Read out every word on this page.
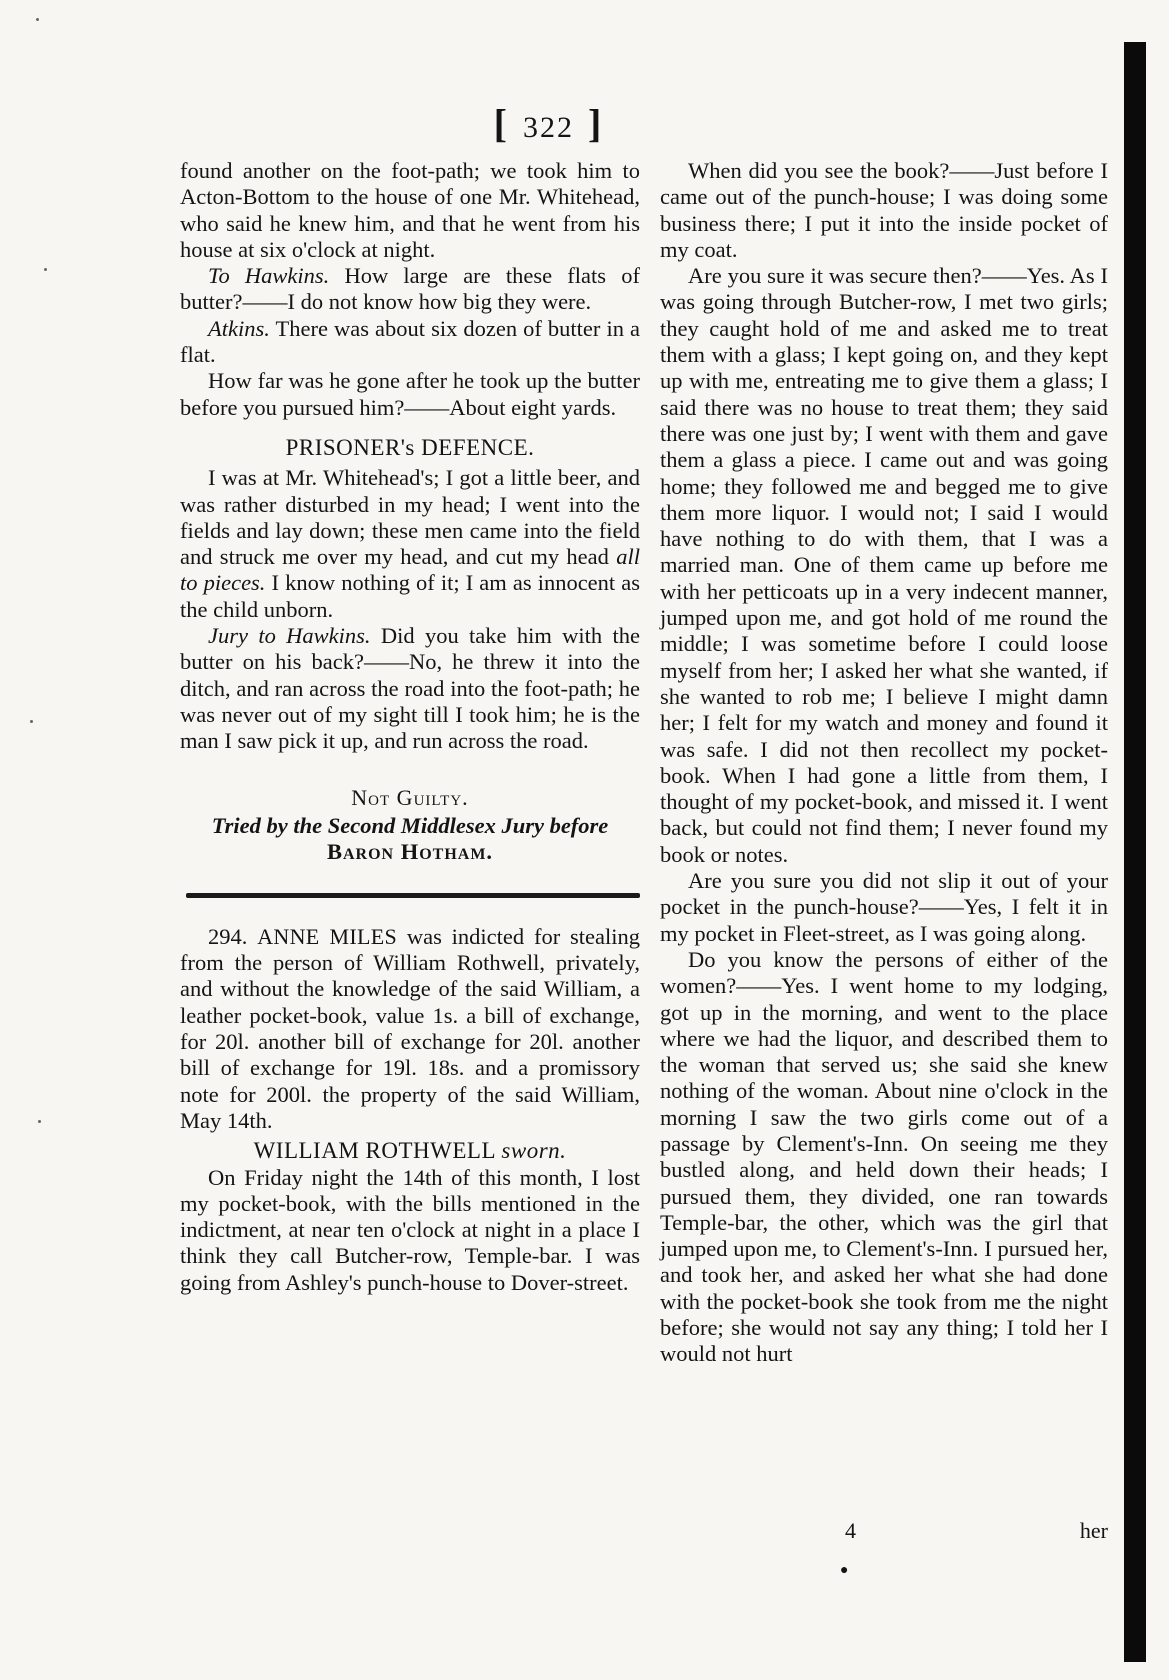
[ 322 ]

found another on the foot-path; we took him to Acton-Bottom to the house of one Mr. Whitehead, who said he knew him, and that he went from his house at six o'clock at night.

To Hawkins. How large are these flats of butter?——I do not know how big they were.

Atkins. There was about six dozen of butter in a flat.

How far was he gone after he took up the butter before you pursued him?——About eight yards.

PRISONER's DEFENCE.

I was at Mr. Whitehead's; I got a little beer, and was rather disturbed in my head; I went into the fields and lay down; these men came into the field and struck me over my head, and cut my head all to pieces. I know nothing of it; I am as innocent as the child unborn.

Jury to Hawkins. Did you take him with the butter on his back?——No, he threw it into the ditch, and ran across the road into the foot-path; he was never out of my sight till I took him; he is the man I saw pick it up, and run across the road.

Not Guilty.
Tried by the Second Middlesex Jury before
Baron Hotham.

294. ANNE MILES was indicted for stealing from the person of William Rothwell, privately, and without the knowledge of the said William, a leather pocket-book, value 1s. a bill of exchange, for 20l. another bill of exchange for 20l. another bill of exchange for 19l. 18s. and a promissory note for 200l. the property of the said William, May 14th.

WILLIAM ROTHWELL sworn.

On Friday night the 14th of this month, I lost my pocket-book, with the bills mentioned in the indictment, at near ten o'clock at night in a place I think they call Butcher-row, Temple-bar. I was going from Ashley's punch-house to Dover-street.

When did you see the book?——Just before I came out of the punch-house; I was doing some business there; I put it into the inside pocket of my coat.

Are you sure it was secure then?——Yes. As I was going through Butcher-row, I met two girls; they caught hold of me and asked me to treat them with a glass; I kept going on, and they kept up with me, entreating me to give them a glass; I said there was no house to treat them; they said there was one just by; I went with them and gave them a glass a piece. I came out and was going home; they followed me and begged me to give them more liquor. I would not; I said I would have nothing to do with them, that I was a married man. One of them came up before me with her petticoats up in a very indecent manner, jumped upon me, and got hold of me round the middle; I was sometime before I could loose myself from her; I asked her what she wanted, if she wanted to rob me; I believe I might damn her; I felt for my watch and money and found it was safe. I did not then recollect my pocket-book. When I had gone a little from them, I thought of my pocket-book, and missed it. I went back, but could not find them; I never found my book or notes.

Are you sure you did not slip it out of your pocket in the punch-house?——Yes, I felt it in my pocket in Fleet-street, as I was going along.

Do you know the persons of either of the women?——Yes. I went home to my lodging, got up in the morning, and went to the place where we had the liquor, and described them to the woman that served us; she said she knew nothing of the woman. About nine o'clock in the morning I saw the two girls come out of a passage by Clement's-Inn. On seeing me they bustled along, and held down their heads; I pursued them, they divided, one ran towards Temple-bar, the other, which was the girl that jumped upon me, to Clement's-Inn. I pursued her, and took her, and asked her what she had done with the pocket-book she took from me the night before; she would not say any thing; I told her I would not hurt

4	her
●
